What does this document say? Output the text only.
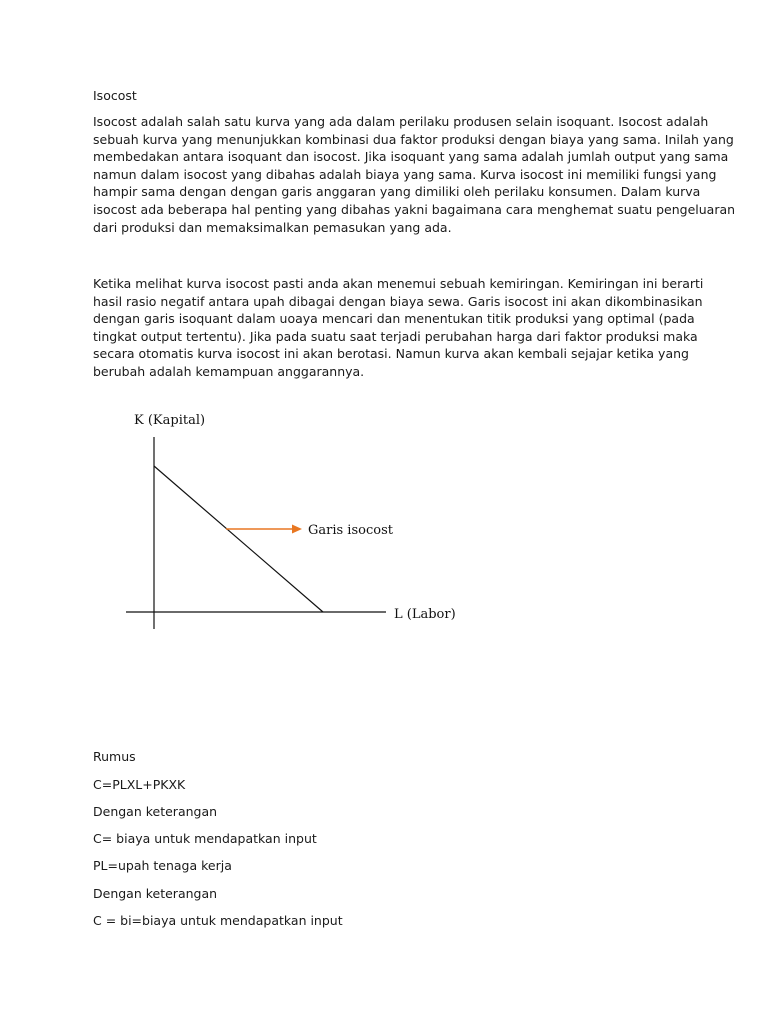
Isocost

Isocost adalah salah satu kurva yang ada dalam perilaku produsen selain isoquant. Isocost adalah
sebuah kurva yang menunjukkan kombinasi dua faktor produksi dengan biaya yang sama. Inilah yang
membedakan antara isoquant dan isocost. Jika isoquant yang sama adalah jumlah output yang sama
namun dalam isocost yang dibahas adalah biaya yang sama. Kurva isocost ini memiliki fungsi yang
hampir sama dengan dengan garis anggaran yang dimiliki oleh perilaku konsumen. Dalam kurva
isocost ada beberapa hal penting yang dibahas yakni bagaimana cara menghemat suatu pengeluaran
dari produksi dan memaksimalkan pemasukan yang ada.

Ketika melihat kurva isocost pasti anda akan menemui sebuah kemiringan. Kemiringan ini berarti
hasil rasio negatif antara upah dibagai dengan biaya sewa. Garis isocost ini akan dikombinasikan
dengan garis isoquant dalam uoaya mencari dan menentukan titik produksi yang optimal (pada
tingkat output tertentu). Jika pada suatu saat terjadi perubahan harga dari faktor produksi maka
secara otomatis kurva isocost ini akan berotasi. Namun kurva akan kembali sejajar ketika yang
berubah adalah kemampuan anggarannya.

K (Kapital)
Garis isocost
L (Labor)

Rumus

C=PLXL+PKXK

Dengan keterangan

C= biaya untuk mendapatkan input

PL=upah tenaga kerja

Dengan keterangan

C = bi=biaya untuk mendapatkan input
